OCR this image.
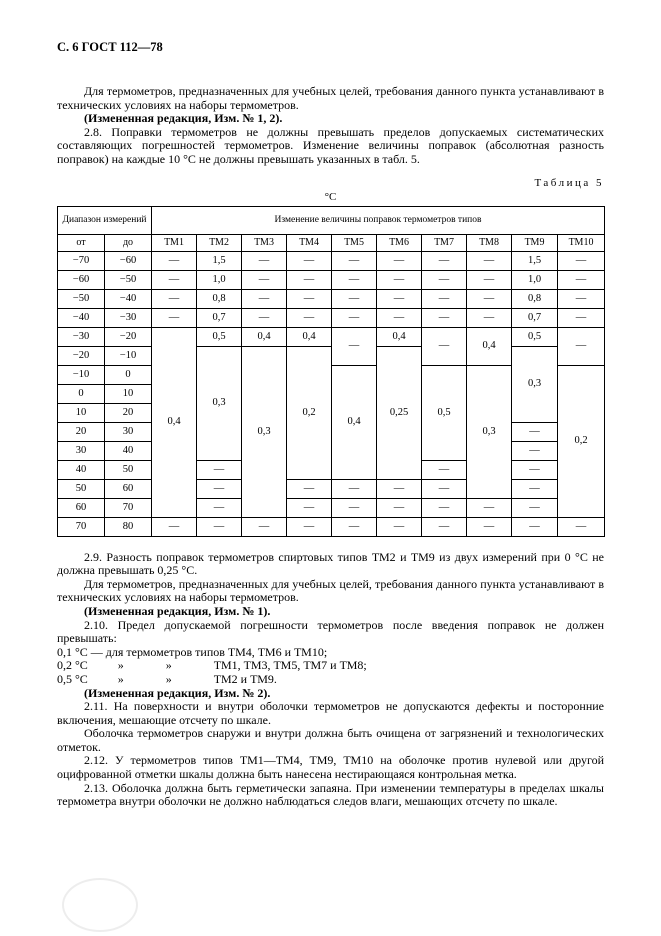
С. 6 ГОСТ 112—78

Для термометров, предназначенных для учебных целей, требования данного пункта устанавливают в технических условиях на наборы термометров.

(Измененная редакция, Изм. № 1, 2).

2.8. Поправки термометров не должны превышать пределов допускаемых систематических составляющих погрешностей термометров. Изменение величины поправок (абсолютная разность поправок) на каждые 10 °С не должны превышать указанных в табл. 5.

Таблица 5
°С
Диапазон измерений		Изменение величины поправок термометров типов									
от	до	ТМ1	ТМ2	ТМ3	ТМ4	ТМ5	ТМ6	ТМ7	ТМ8	ТМ9	ТМ10
−70	−60	—	1,5	—	—	—	—	—	—	1,5	—
−60	−50	—	1,0	—	—	—	—	—	—	1,0	—
−50	−40	—	0,8	—	—	—	—	—	—	0,8	—
−40	−30	—	0,7	—	—	—	—	—	—	0,7	—
−30	−20	0,4	0,5	0,4	0,4	—	0,4	—	0,4	0,5	—
−20	−10		0,3	0,3	0,2		0,25			0,3	
−10	0					0,4		0,5	0,3		0,2
0	10										
10	20										
20	30									—	
30	40									—	
40	50		—					—		—	
50	60		—		—	—	—	—		—	
60	70		—		—	—	—	—	—	—	
70	80	—	—	—	—	—	—	—	—	—	—

2.9. Разность поправок термометров спиртовых типов ТМ2 и ТМ9 из двух измерений при 0 °С не должна превышать 0,25 °С.

Для термометров, предназначенных для учебных целей, требования данного пункта устанавливают в технических условиях на наборы термометров.

(Измененная редакция, Изм. № 1).

2.10. Предел допускаемой погрешности термометров после введения поправок не должен превышать:

0,1 °С — для термометров типов ТМ4, ТМ6 и ТМ10;
0,2 °С          »              »              ТМ1, ТМ3, ТМ5, ТМ7 и ТМ8;
0,5 °С          »              »              ТМ2 и ТМ9.

(Измененная редакция, Изм. № 2).

2.11. На поверхности и внутри оболочки термометров не допускаются дефекты и посторонние включения, мешающие отсчету по шкале.

Оболочка термометров снаружи и внутри должна быть очищена от загрязнений и технологических отметок.

2.12. У термометров типов ТМ1—ТМ4, ТМ9, ТМ10 на оболочке против нулевой или другой оцифрованной отметки шкалы должна быть нанесена нестирающаяся контрольная метка.

2.13. Оболочка должна быть герметически запаяна. При изменении температуры в пределах шкалы термометра внутри оболочки не должно наблюдаться следов влаги, мешающих отсчету по шкале.
